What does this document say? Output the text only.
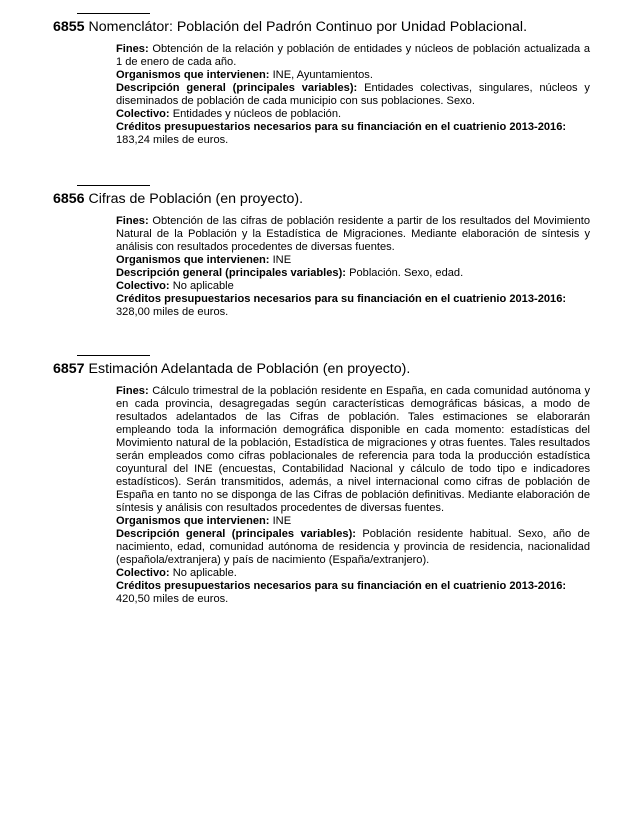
6855 Nomenclátor: Población del Padrón Continuo por Unidad Poblacional.

Fines: Obtención de la relación y población de entidades y núcleos de población actualizada a 1 de enero de cada año.

Organismos que intervienen: INE, Ayuntamientos.

Descripción general (principales variables): Entidades colectivas, singulares, núcleos y diseminados de población de cada municipio con sus poblaciones. Sexo.

Colectivo: Entidades y núcleos de población.

Créditos presupuestarios necesarios para su financiación en el cuatrienio 2013-2016:

183,24 miles de euros.

6856 Cifras de Población (en proyecto).

Fines: Obtención de las cifras de población residente a partir de los resultados del Movimiento Natural de la Población y la Estadística de Migraciones. Mediante elaboración de síntesis y análisis con resultados procedentes de diversas fuentes.

Organismos que intervienen: INE

Descripción general (principales variables): Población. Sexo, edad.

Colectivo: No aplicable

Créditos presupuestarios necesarios para su financiación en el cuatrienio 2013-2016:

328,00 miles de euros.

6857 Estimación Adelantada de Población (en proyecto).

Fines: Cálculo trimestral de la población residente en España, en cada comunidad autónoma y en cada provincia, desagregadas según características demográficas básicas, a modo de resultados adelantados de las Cifras de población. Tales estimaciones se elaborarán empleando toda la información demográfica disponible en cada momento: estadísticas del Movimiento natural de la población, Estadística de migraciones y otras fuentes. Tales resultados serán empleados como cifras poblacionales de referencia para toda la producción estadística coyuntural del INE (encuestas, Contabilidad Nacional y cálculo de todo tipo e indicadores estadísticos). Serán transmitidos, además, a nivel internacional como cifras de población de España en tanto no se disponga de las Cifras de población definitivas. Mediante elaboración de síntesis y análisis con resultados procedentes de diversas fuentes.

Organismos que intervienen: INE

Descripción general (principales variables): Población residente habitual. Sexo, año de nacimiento, edad, comunidad autónoma de residencia y provincia de residencia, nacionalidad (española/extranjera) y país de nacimiento (España/extranjero).

Colectivo: No aplicable.

Créditos presupuestarios necesarios para su financiación en el cuatrienio 2013-2016:

420,50 miles de euros.
